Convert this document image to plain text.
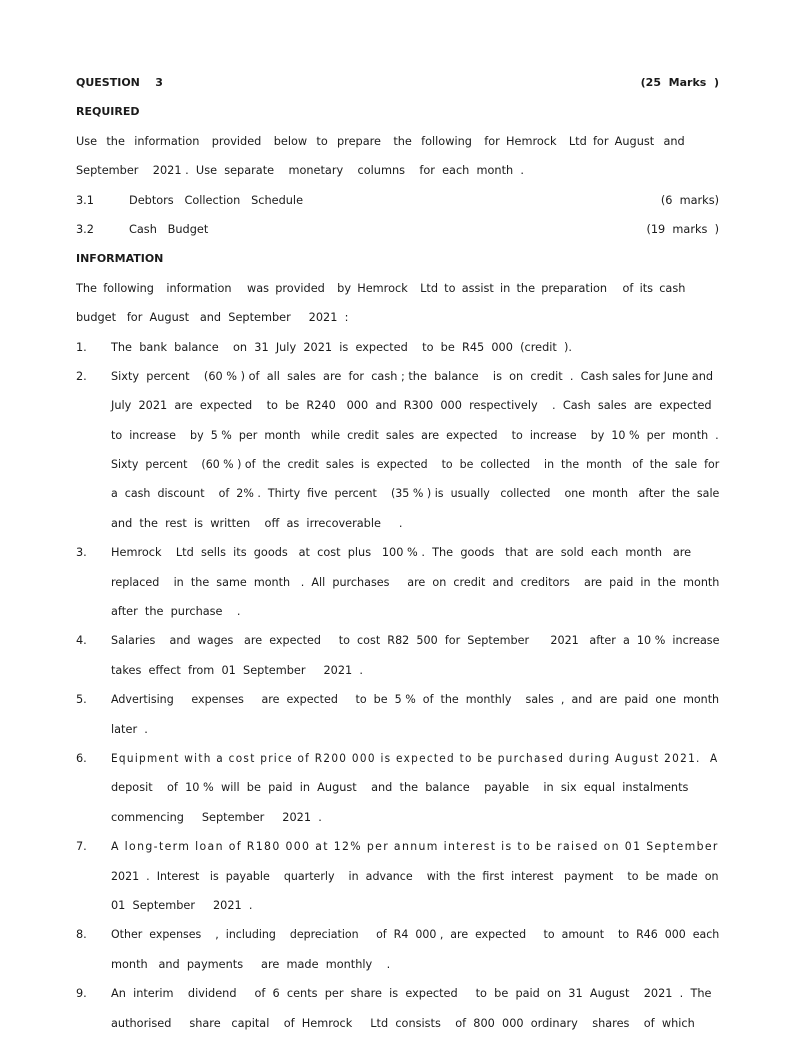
QUESTION    3	(25  Marks  )
REQUIRED
Use   the   information    provided    below   to   prepare    the   following    for  Hemrock    Ltd  for  August   and
September    2021 .  Use  separate    monetary    columns    for  each  month  .
3.1	Debtors   Collection   Schedule	(6  marks)
3.2	Cash   Budget	(19  marks  )
INFORMATION
The  following    information     was  provided    by  Hemrock    Ltd  to  assist  in  the  preparation     of  its  cash
budget   for  August   and  September     2021  :
1.	The  bank  balance    on  31  July  2021  is  expected    to  be  R45  000  (credit  ).
2.	Sixty  percent    (60 % ) of  all  sales  are  for  cash ; the  balance    is  on  credit  .  Cash sales for June and
July  2021  are  expected    to  be  R240   000  and  R300  000  respectively    .  Cash  sales  are  expected
to  increase    by  5 %  per  month   while  credit  sales  are  expected    to  increase    by  10 %  per  month  .
Sixty  percent    (60 % ) of  the  credit  sales  is  expected    to  be  collected    in  the  month   of  the  sale  for
a  cash  discount    of  2% .  Thirty  five  percent    (35 % ) is  usually   collected    one  month   after  the  sale
and  the  rest  is  written    off  as  irrecoverable     .
3.	Hemrock    Ltd  sells  its  goods   at  cost  plus   100 % .  The  goods   that  are  sold  each  month   are
replaced    in  the  same  month   .  All  purchases     are  on  credit  and  creditors    are  paid  in  the  month
after  the  purchase    .
4.	Salaries    and  wages   are  expected     to  cost  R82  500  for  September      2021   after  a  10 %  increase
takes  effect  from  01  September     2021  .
5.	Advertising     expenses     are  expected     to  be  5 %  of  the  monthly    sales  ,  and  are  paid  one  month
later  .
6.	Equipment with a cost price of R200 000 is expected to be purchased during August 2021.  A
deposit    of  10 %  will  be  paid  in  August    and  the  balance    payable    in  six  equal  instalments
commencing     September     2021  .
7.	A long-term loan of R180 000 at 12% per annum interest is to be raised on 01 September
2021  .  Interest   is  payable    quarterly    in  advance    with  the  first  interest   payment    to  be  made  on
01  September     2021  .
8.	Other  expenses    ,  including    depreciation     of  R4  000 ,  are  expected     to  amount    to  R46  000  each
month   and  payments     are  made  monthly    .
9.	An  interim    dividend     of  6  cents  per  share  is  expected     to  be  paid  on  31  August    2021  .  The
authorised     share   capital    of  Hemrock     Ltd  consists    of  800  000  ordinary    shares    of  which
